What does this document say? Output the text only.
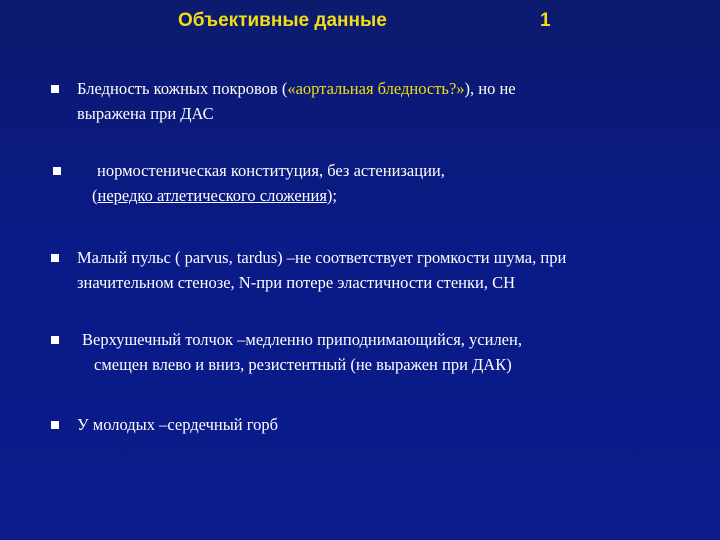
Объективные данные	1
Бледность кожных покровов («аортальная бледность?»), но не
выражена при ДАС
нормостеническая конституция, без астенизации,
(нередко атлетического сложения);
Малый пульс ( parvus, tardus) –не соответствует громкости шума, при
значительном стенозе, N-при потере эластичности стенки, СН
Верхушечный толчок –медленно приподнимающийся, усилен,
смещен влево и вниз, резистентный (не выражен при ДАК)
У молодых –сердечный горб
